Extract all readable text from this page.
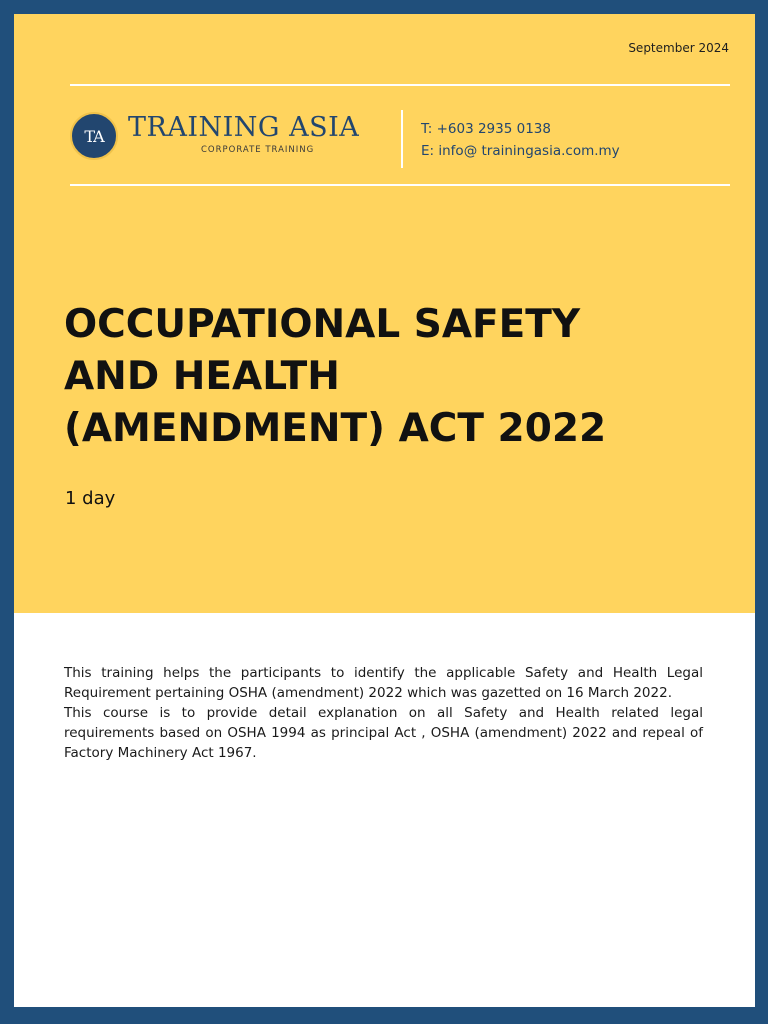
September 2024
TA TRAINING ASIA
CORPORATE TRAINING
T: +603 2935 0138
E: info@ trainingasia.com.my
OCCUPATIONAL SAFETY
AND HEALTH
(AMENDMENT) ACT 2022
1 day

This training helps the participants to identify the applicable Safety and Health Legal Requirement pertaining OSHA (amendment) 2022 which was gazetted on 16 March 2022.

This course is to provide detail explanation on all Safety and Health related legal requirements based on OSHA 1994 as principal Act , OSHA (amendment) 2022 and repeal of Factory Machinery Act 1967.
